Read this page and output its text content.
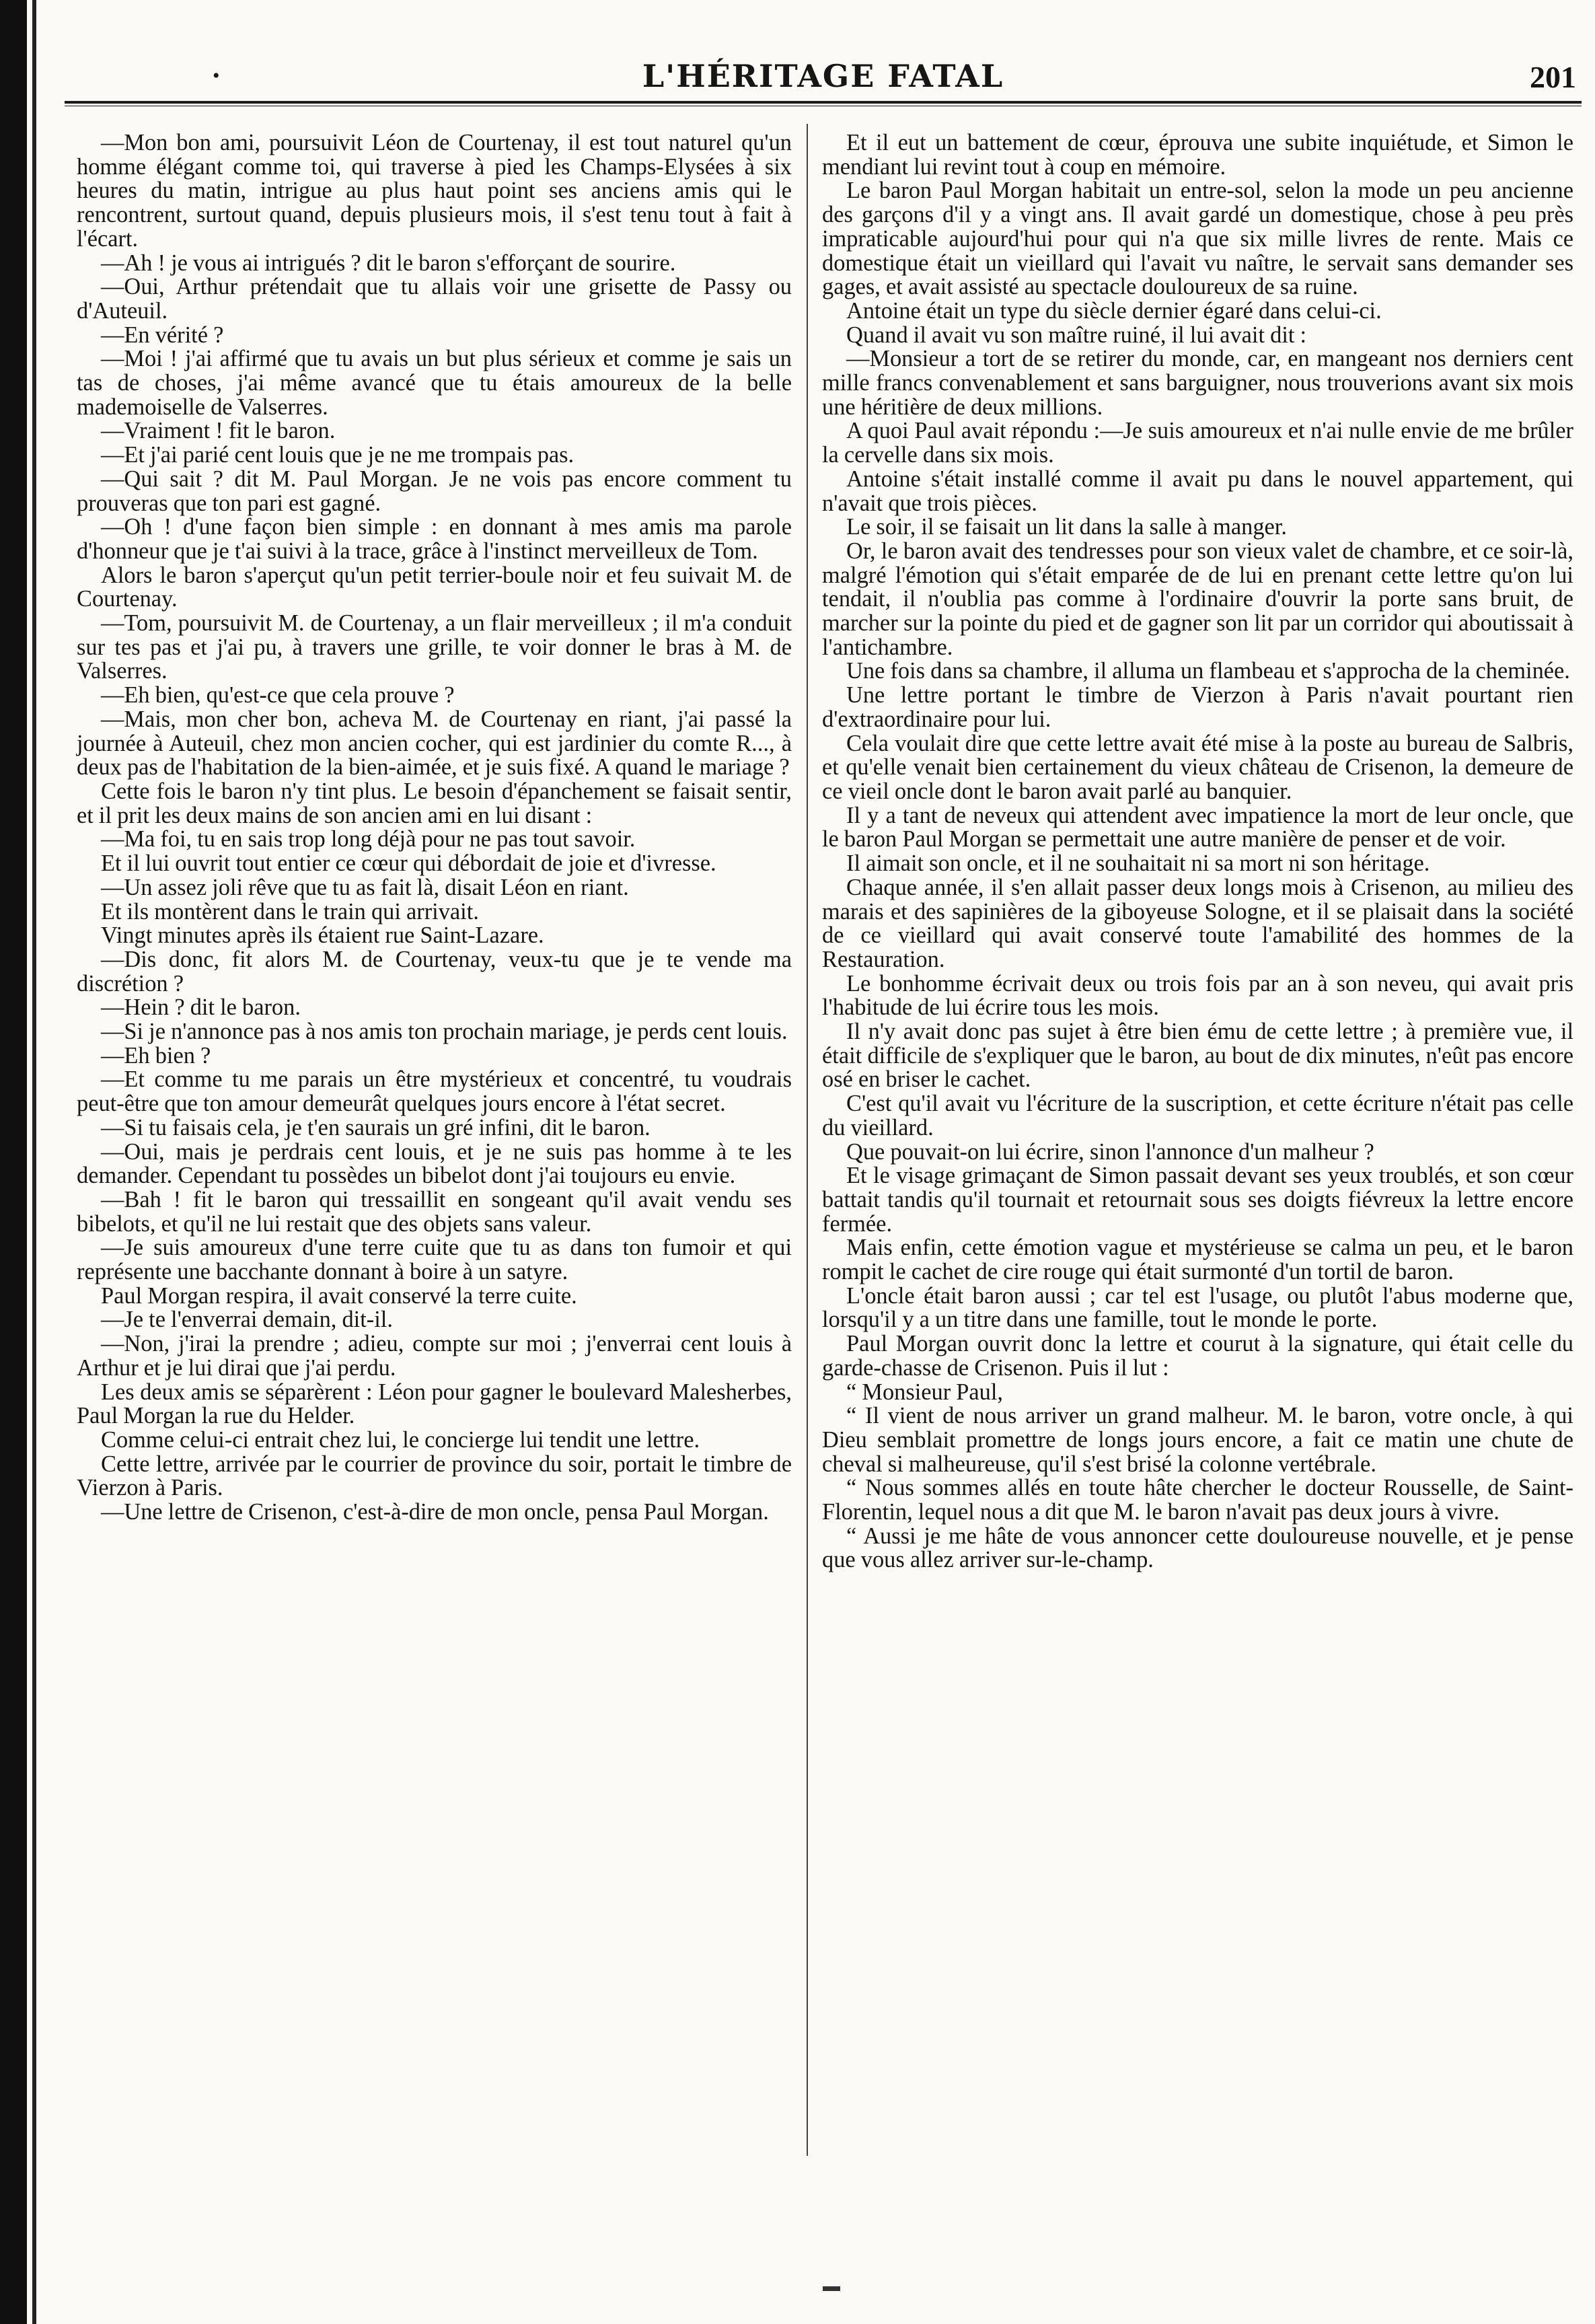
•	L'HÉRITAGE FATAL	201

—Mon bon ami, poursuivit Léon de Courtenay, il est tout naturel qu'un homme élégant comme toi, qui traverse à pied les Champs-Elysées à six heures du matin, intrigue au plus haut point ses anciens amis qui le rencontrent, surtout quand, depuis plusieurs mois, il s'est tenu tout à fait à l'écart.

—Ah ! je vous ai intrigués ? dit le baron s'efforçant de sourire.

—Oui, Arthur prétendait que tu allais voir une grisette de Passy ou d'Auteuil.

—En vérité ?

—Moi ! j'ai affirmé que tu avais un but plus sérieux et comme je sais un tas de choses, j'ai même avancé que tu étais amoureux de la belle mademoiselle de Valserres.

—Vraiment ! fit le baron.

—Et j'ai parié cent louis que je ne me trompais pas.

—Qui sait ? dit M. Paul Morgan. Je ne vois pas encore comment tu prouveras que ton pari est gagné.

—Oh ! d'une façon bien simple : en donnant à mes amis ma parole d'honneur que je t'ai suivi à la trace, grâce à l'instinct merveilleux de Tom.

Alors le baron s'aperçut qu'un petit terrier-boule noir et feu suivait M. de Courtenay.

—Tom, poursuivit M. de Courtenay, a un flair merveilleux ; il m'a conduit sur tes pas et j'ai pu, à travers une grille, te voir donner le bras à M. de Valserres.

—Eh bien, qu'est-ce que cela prouve ?

—Mais, mon cher bon, acheva M. de Courtenay en riant, j'ai passé la journée à Auteuil, chez mon ancien cocher, qui est jardinier du comte R..., à deux pas de l'habitation de la bien-aimée, et je suis fixé. A quand le mariage ?

Cette fois le baron n'y tint plus. Le besoin d'épanchement se faisait sentir, et il prit les deux mains de son ancien ami en lui disant :

—Ma foi, tu en sais trop long déjà pour ne pas tout savoir.

Et il lui ouvrit tout entier ce cœur qui débordait de joie et d'ivresse.

—Un assez joli rêve que tu as fait là, disait Léon en riant.

Et ils montèrent dans le train qui arrivait.

Vingt minutes après ils étaient rue Saint-Lazare.

—Dis donc, fit alors M. de Courtenay, veux-tu que je te vende ma discrétion ?

—Hein ? dit le baron.

—Si je n'annonce pas à nos amis ton prochain mariage, je perds cent louis.

—Eh bien ?

—Et comme tu me parais un être mystérieux et concentré, tu voudrais peut-être que ton amour demeurât quelques jours encore à l'état secret.

—Si tu faisais cela, je t'en saurais un gré infini, dit le baron.

—Oui, mais je perdrais cent louis, et je ne suis pas homme à te les demander. Cependant tu possèdes un bibelot dont j'ai toujours eu envie.

—Bah ! fit le baron qui tressaillit en songeant qu'il avait vendu ses bibelots, et qu'il ne lui restait que des objets sans valeur.

—Je suis amoureux d'une terre cuite que tu as dans ton fumoir et qui représente une bacchante donnant à boire à un satyre.

Paul Morgan respira, il avait conservé la terre cuite.

—Je te l'enverrai demain, dit-il.

—Non, j'irai la prendre ; adieu, compte sur moi ; j'enverrai cent louis à Arthur et je lui dirai que j'ai perdu.

Les deux amis se séparèrent : Léon pour gagner le boulevard Malesherbes, Paul Morgan la rue du Helder.

Comme celui-ci entrait chez lui, le concierge lui tendit une lettre.

Cette lettre, arrivée par le courrier de province du soir, portait le timbre de Vierzon à Paris.

—Une lettre de Crisenon, c'est-à-dire de mon oncle, pensa Paul Morgan.

Et il eut un battement de cœur, éprouva une subite inquiétude, et Simon le mendiant lui revint tout à coup en mémoire.

Le baron Paul Morgan habitait un entre-sol, selon la mode un peu ancienne des garçons d'il y a vingt ans. Il avait gardé un domestique, chose à peu près impraticable aujourd'hui pour qui n'a que six mille livres de rente. Mais ce domestique était un vieillard qui l'avait vu naître, le servait sans demander ses gages, et avait assisté au spectacle douloureux de sa ruine.

Antoine était un type du siècle dernier égaré dans celui-ci.

Quand il avait vu son maître ruiné, il lui avait dit :

—Monsieur a tort de se retirer du monde, car, en mangeant nos derniers cent mille francs convenablement et sans barguigner, nous trouverions avant six mois une héritière de deux millions.

A quoi Paul avait répondu :—Je suis amoureux et n'ai nulle envie de me brûler la cervelle dans six mois.

Antoine s'était installé comme il avait pu dans le nouvel appartement, qui n'avait que trois pièces.

Le soir, il se faisait un lit dans la salle à manger.

Or, le baron avait des tendresses pour son vieux valet de chambre, et ce soir-là, malgré l'émotion qui s'était emparée de de lui en prenant cette lettre qu'on lui tendait, il n'oublia pas comme à l'ordinaire d'ouvrir la porte sans bruit, de marcher sur la pointe du pied et de gagner son lit par un corridor qui aboutissait à l'antichambre.

Une fois dans sa chambre, il alluma un flambeau et s'approcha de la cheminée.

Une lettre portant le timbre de Vierzon à Paris n'avait pourtant rien d'extraordinaire pour lui.

Cela voulait dire que cette lettre avait été mise à la poste au bureau de Salbris, et qu'elle venait bien certainement du vieux château de Crisenon, la demeure de ce vieil oncle dont le baron avait parlé au banquier.

Il y a tant de neveux qui attendent avec impatience la mort de leur oncle, que le baron Paul Morgan se permettait une autre manière de penser et de voir.

Il aimait son oncle, et il ne souhaitait ni sa mort ni son héritage.

Chaque année, il s'en allait passer deux longs mois à Crisenon, au milieu des marais et des sapinières de la giboyeuse Sologne, et il se plaisait dans la société de ce vieillard qui avait conservé toute l'amabilité des hommes de la Restauration.

Le bonhomme écrivait deux ou trois fois par an à son neveu, qui avait pris l'habitude de lui écrire tous les mois.

Il n'y avait donc pas sujet à être bien ému de cette lettre ; à première vue, il était difficile de s'expliquer que le baron, au bout de dix minutes, n'eût pas encore osé en briser le cachet.

C'est qu'il avait vu l'écriture de la suscription, et cette écriture n'était pas celle du vieillard.

Que pouvait-on lui écrire, sinon l'annonce d'un malheur ?

Et le visage grimaçant de Simon passait devant ses yeux troublés, et son cœur battait tandis qu'il tournait et retournait sous ses doigts fiévreux la lettre encore fermée.

Mais enfin, cette émotion vague et mystérieuse se calma un peu, et le baron rompit le cachet de cire rouge qui était surmonté d'un tortil de baron.

L'oncle était baron aussi ; car tel est l'usage, ou plutôt l'abus moderne que, lorsqu'il y a un titre dans une famille, tout le monde le porte.

Paul Morgan ouvrit donc la lettre et courut à la signature, qui était celle du garde-chasse de Crisenon. Puis il lut :

“ Monsieur Paul,

“ Il vient de nous arriver un grand malheur. M. le baron, votre oncle, à qui Dieu semblait promettre de longs jours encore, a fait ce matin une chute de cheval si malheureuse, qu'il s'est brisé la colonne vertébrale.

“ Nous sommes allés en toute hâte chercher le docteur Rousselle, de Saint-Florentin, lequel nous a dit que M. le baron n'avait pas deux jours à vivre.

“ Aussi je me hâte de vous annoncer cette douloureuse nouvelle, et je pense que vous allez arriver sur-le-champ.
